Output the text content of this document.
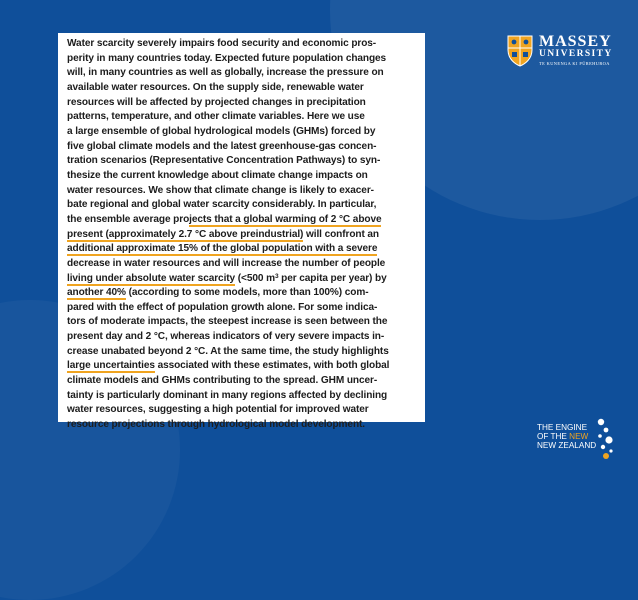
Water scarcity severely impairs food security and economic pros-
perity in many countries today. Expected future population changes
will, in many countries as well as globally, increase the pressure on
available water resources. On the supply side, renewable water
resources will be affected by projected changes in precipitation
patterns, temperature, and other climate variables. Here we use
a large ensemble of global hydrological models (GHMs) forced by
five global climate models and the latest greenhouse-gas concen-
tration scenarios (Representative Concentration Pathways) to syn-
thesize the current knowledge about climate change impacts on
water resources. We show that climate change is likely to exacer-
bate regional and global water scarcity considerably. In particular,
the ensemble average projects that a global warming of 2 °C above
present (approximately 2.7 °C above preindustrial) will confront an
additional approximate 15% of the global population with a severe
decrease in water resources and will increase the number of people
living under absolute water scarcity (<500 $m^3$ per capita per year) by
another 40% (according to some models, more than 100%) com-
pared with the effect of population growth alone. For some indica-
tors of moderate impacts, the steepest increase is seen between the
present day and 2 °C, whereas indicators of very severe impacts in-
crease unabated beyond 2 °C. At the same time, the study highlights
large uncertainties associated with these estimates, with both global
climate models and GHMs contributing to the spread. GHM uncer-
tainty is particularly dominant in many regions affected by declining
water resources, suggesting a high potential for improved water
resource projections through hydrological model development.

MASSEY
UNIVERSITY
TE KUNENGA KI PŪREHUROA
THE ENGINE
OF THE NEW
NEW ZEALAND
